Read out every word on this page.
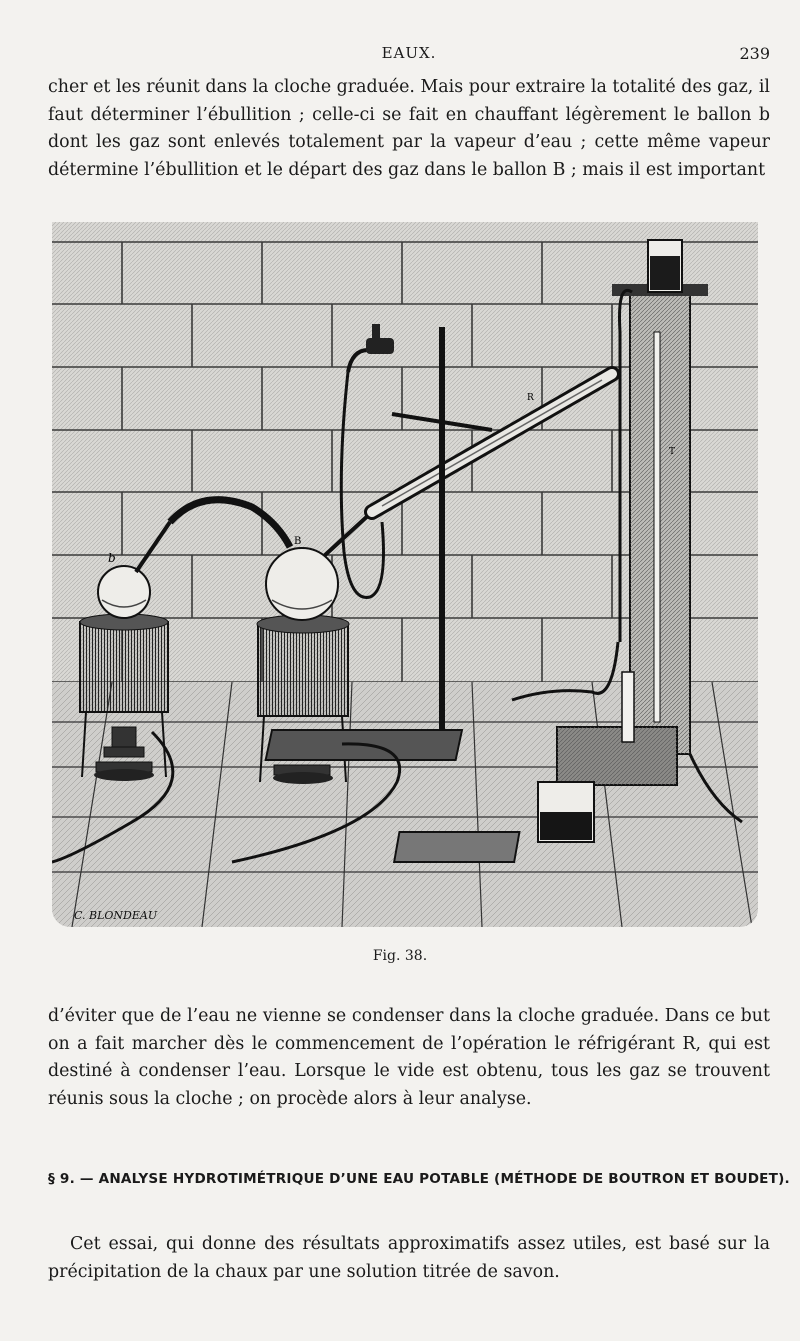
EAUX.	239

cher et les réunit dans la cloche graduée. Mais pour extraire la totalité des gaz, il faut déterminer l’ébullition ; celle-ci se fait en chauffant légèrement le ballon b dont les gaz sont enlevés totalement par la vapeur d’eau ; cette même vapeur détermine l’ébullition et le départ des gaz dans le ballon B ; mais il est important

b
B
R
T
C. BLONDEAU
Fig. 38.

d’éviter que de l’eau ne vienne se condenser dans la cloche graduée. Dans ce but on a fait marcher dès le commencement de l’opération le réfrigérant R, qui est destiné à condenser l’eau. Lorsque le vide est obtenu, tous les gaz se trouvent réunis sous la cloche ; on procède alors à leur analyse.

§ 9. — ANALYSE HYDROTIMÉTRIQUE D’UNE EAU POTABLE (MÉTHODE DE BOUTRON ET BOUDET).

Cet essai, qui donne des résultats approximatifs assez utiles, est basé sur la précipitation de la chaux par une solution titrée de savon.
